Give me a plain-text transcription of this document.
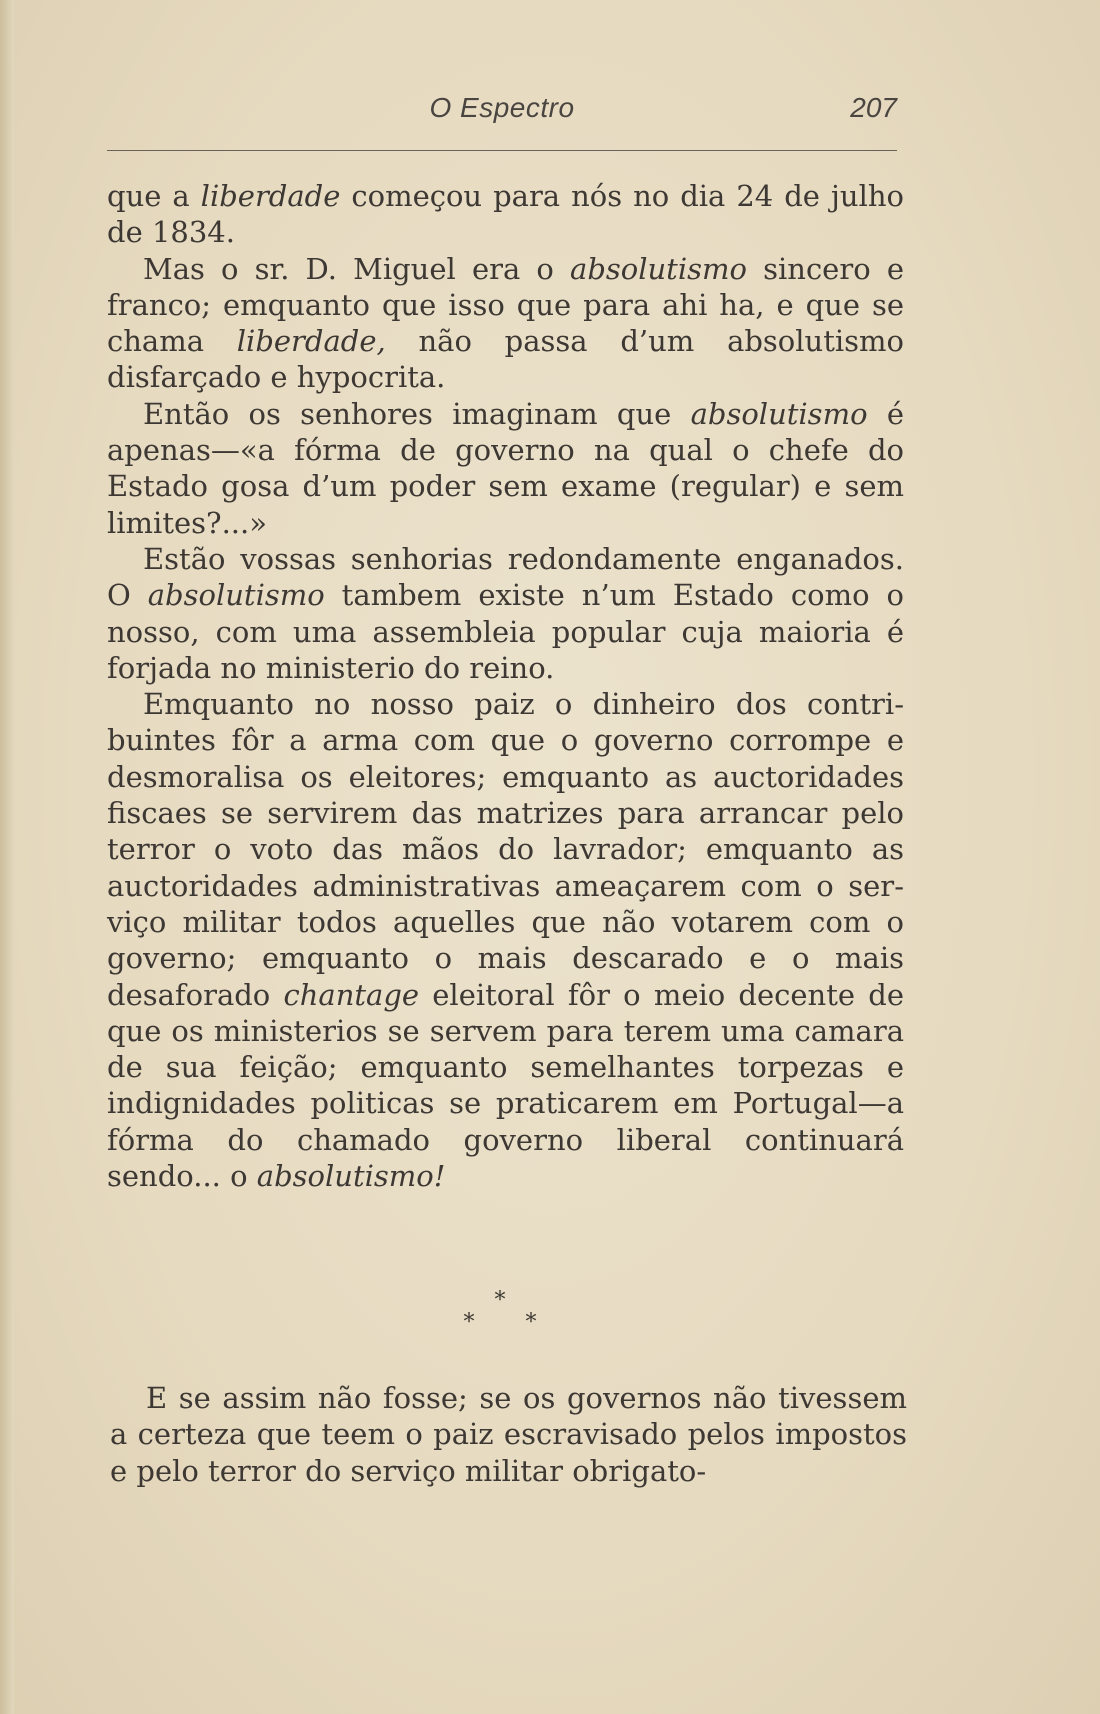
O Espectro	207

que a liberdade começou para nós no dia 24 de julho de 1834.

Mas o sr. D. Miguel era o absolutismo sincero e franco; emquanto que isso que para ahi ha, e que se chama liberdade, não passa d’um absolutismo disfarçado e hypocrita.

Então os senhores imaginam que absolutismo é apenas—«a fórma de governo na qual o chefe do Estado gosa d’um poder sem exame (regular) e sem limites?...»

Estão vossas senhorias redondamente enganados. O absolutismo tambem existe n’um Estado como o nosso, com uma assembleia popular cuja maioria é forjada no ministerio do reino.

Emquanto no nosso paiz o dinheiro dos contribuintes fôr a arma com que o governo corrompe e desmoralisa os eleitores; emquanto as auctoridades fiscaes se servirem das matrizes para arrancar pelo terror o voto das mãos do lavrador; emquanto as auctoridades administrativas ameaçarem com o serviço militar todos aquelles que não votarem com o governo; emquanto o mais descarado e o mais desaforado chantage eleitoral fôr o meio decente de que os ministerios se servem para terem uma camara de sua feição; emquanto semelhantes torpezas e indignidades politicas se praticarem em Portugal—a fórma do chamado governo liberal continuará sendo... o absolutismo!

*
* *

E se assim não fosse; se os governos não tivessem a certeza que teem o paiz escravisado pelos impostos e pelo terror do serviço militar obrigato-
